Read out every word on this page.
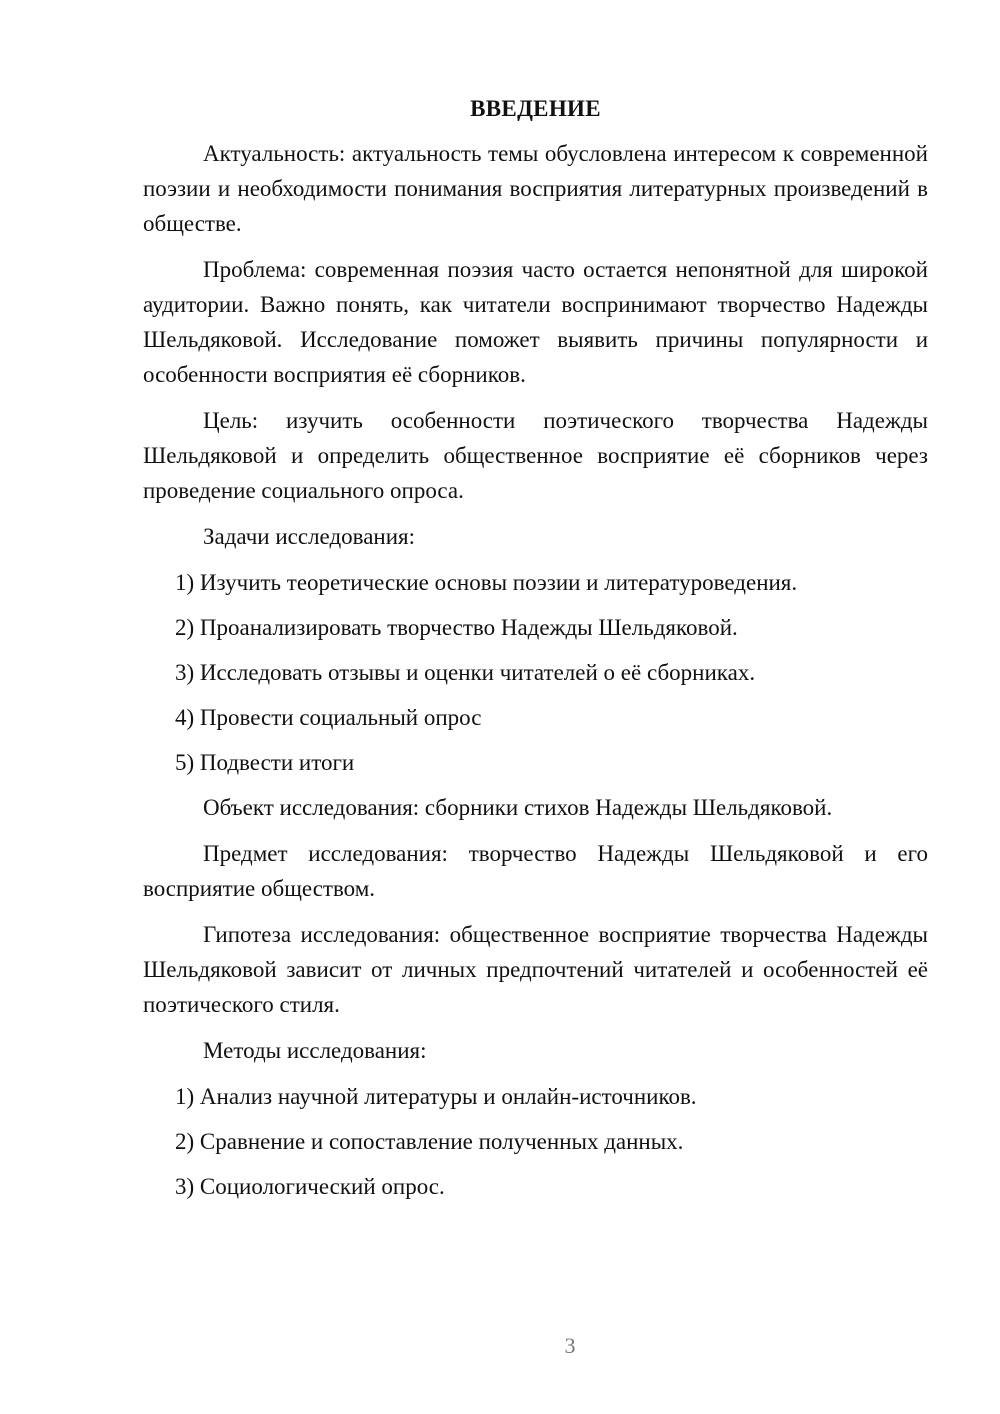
ВВЕДЕНИЕ

Актуальность: актуальность темы обусловлена интересом к современной поэзии и необходимости понимания восприятия литературных произведений в обществе.

Проблема: современная поэзия часто остается непонятной для широкой аудитории. Важно понять, как читатели воспринимают творчество Надежды Шельдяковой. Исследование поможет выявить причины популярности и особенности восприятия её сборников.

Цель: изучить особенности поэтического творчества Надежды Шельдяковой и определить общественное восприятие её сборников через проведение социального опроса.

Задачи исследования:

1) Изучить теоретические основы поэзии и литературоведения.
2) Проанализировать творчество Надежды Шельдяковой.
3) Исследовать отзывы и оценки читателей о её сборниках.
4) Провести социальный опрос
5) Подвести итоги

Объект исследования: сборники стихов Надежды Шельдяковой.

Предмет исследования: творчество Надежды Шельдяковой и его восприятие обществом.

Гипотеза исследования: общественное восприятие творчества Надежды Шельдяковой зависит от личных предпочтений читателей и особенностей её поэтического стиля.

Методы исследования:

1) Анализ научной литературы и онлайн-источников.
2) Сравнение и сопоставление полученных данных.
3) Социологический опрос.
3
